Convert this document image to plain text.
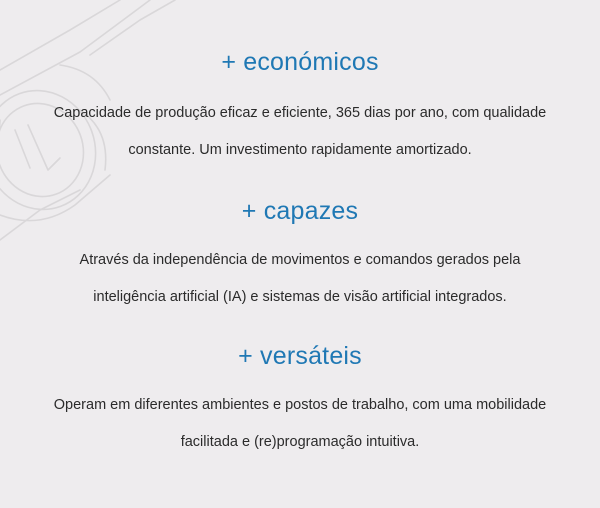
+ económicos

Capacidade de produção eficaz e eficiente, 365 dias por ano, com qualidade
constante. Um investimento rapidamente amortizado.

+ capazes

Através da independência de movimentos e comandos gerados pela
inteligência artificial (IA) e sistemas de visão artificial integrados.

+ versáteis

Operam em diferentes ambientes e postos de trabalho, com uma mobilidade
facilitada e (re)programação intuitiva.
